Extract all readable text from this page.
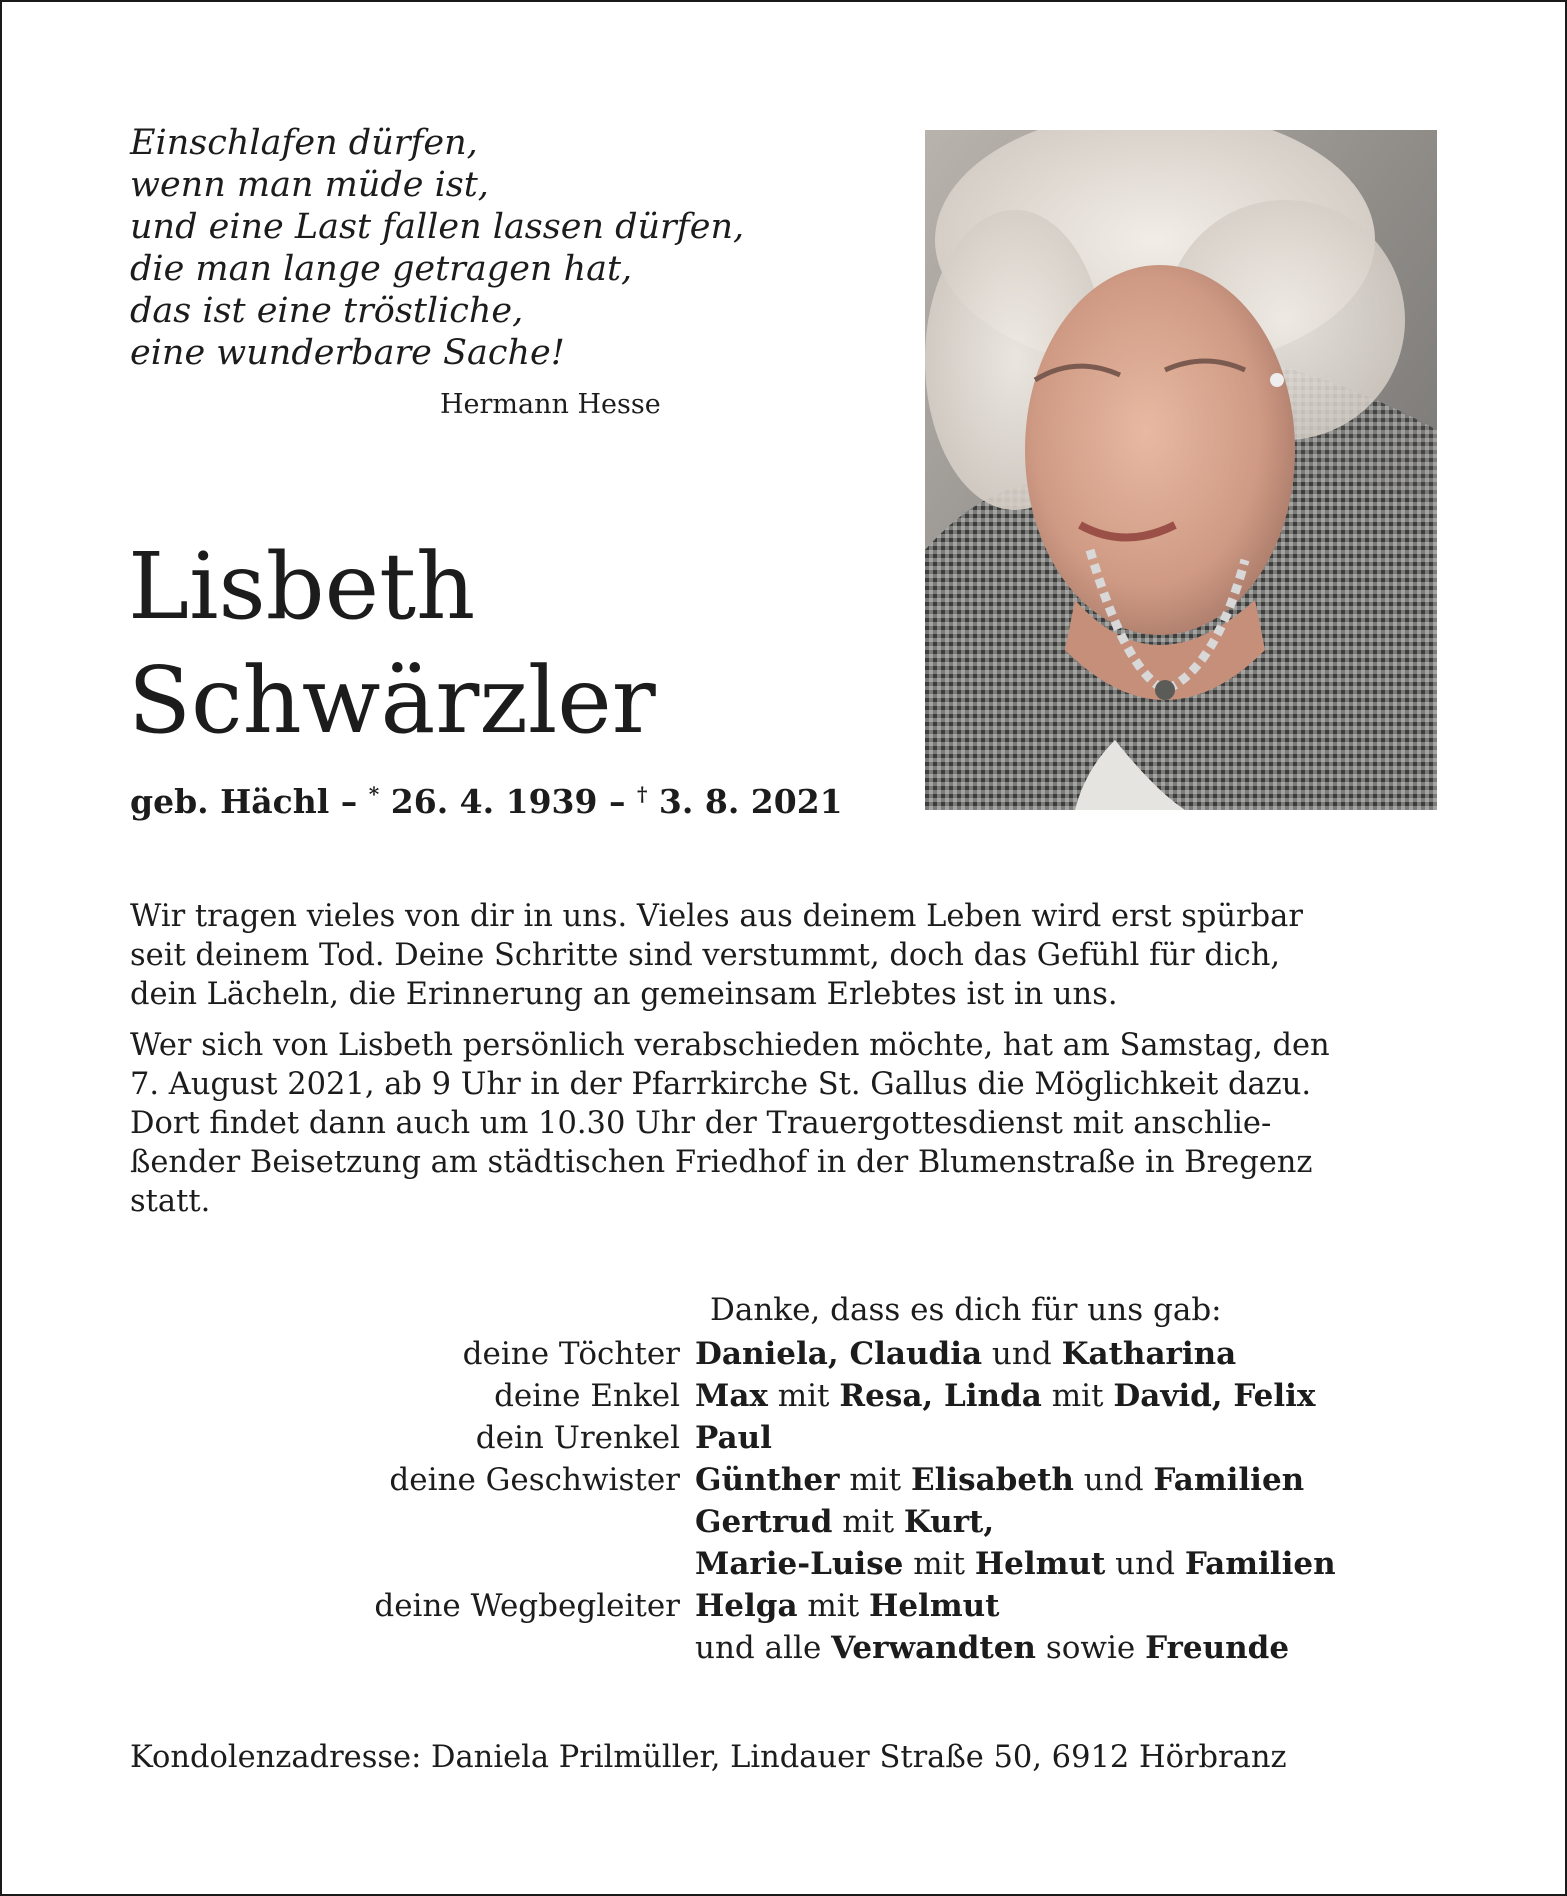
Einschlafen dürfen,
wenn man müde ist,
und eine Last fallen lassen dürfen,
die man lange getragen hat,
das ist eine tröstliche,
eine wunderbare Sache!
Hermann Hesse
Lisbeth
Schwärzler
geb. Hächl – * 26. 4. 1939 – † 3. 8. 2021

Wir tragen vieles von dir in uns. Vieles aus deinem Leben wird erst spürbar
seit deinem Tod. Deine Schritte sind verstummt, doch das Gefühl für dich,
dein Lächeln, die Erinnerung an gemeinsam Erlebtes ist in uns.

Wer sich von Lisbeth persönlich verabschieden möchte, hat am Samstag, den
7. August 2021, ab 9 Uhr in der Pfarrkirche St. Gallus die Möglichkeit dazu.
Dort findet dann auch um 10.30 Uhr der Trauergottesdienst mit anschlie-
ßender Beisetzung am städtischen Friedhof in der Blumenstraße in Bregenz
statt.

Danke, dass es dich für uns gab:
deine Töchter Daniela, Claudia und Katharina
deine Enkel Max mit Resa, Linda mit David, Felix
dein Urenkel Paul
deine Geschwister Günther mit Elisabeth und Familien
Gertrud mit Kurt,
Marie-Luise mit Helmut und Familien
deine Wegbegleiter Helga mit Helmut
und alle Verwandten sowie Freunde
Kondolenzadresse: Daniela Prilmüller, Lindauer Straße 50, 6912 Hörbranz
